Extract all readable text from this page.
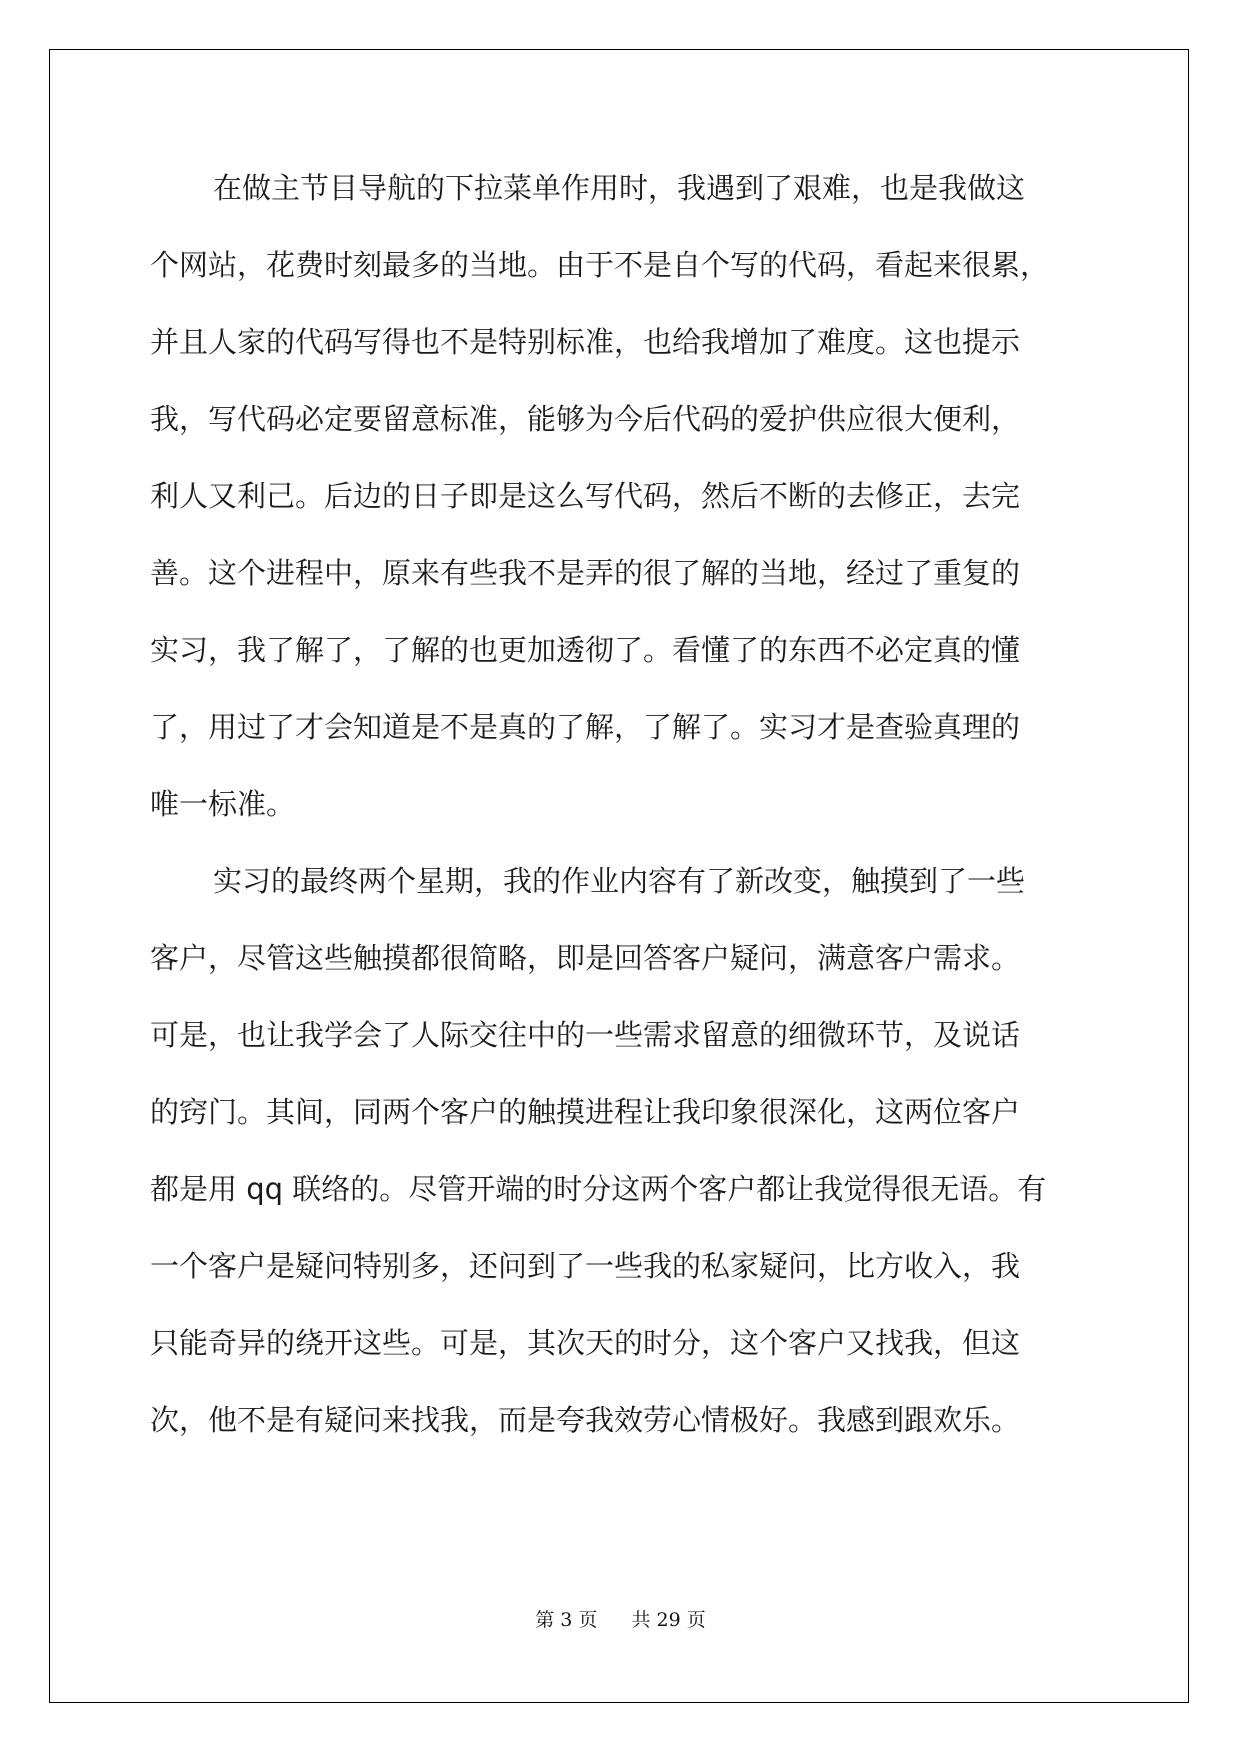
在做主节目导航的下拉菜单作用时，我遇到了艰难，也是我做这
个网站，花费时刻最多的当地。由于不是自个写的代码，看起来很累，
并且人家的代码写得也不是特别标准，也给我增加了难度。这也提示
我，写代码必定要留意标准，能够为今后代码的爱护供应很大便利，
利人又利己。后边的日子即是这么写代码，然后不断的去修正，去完
善。这个进程中，原来有些我不是弄的很了解的当地，经过了重复的
实习，我了解了，了解的也更加透彻了。看懂了的东西不必定真的懂
了，用过了才会知道是不是真的了解，了解了。实习才是查验真理的
唯一标准。
实习的最终两个星期，我的作业内容有了新改变，触摸到了一些
客户，尽管这些触摸都很简略，即是回答客户疑问，满意客户需求。
可是，也让我学会了人际交往中的一些需求留意的细微环节，及说话
的窍门。其间，同两个客户的触摸进程让我印象很深化，这两位客户
都是用 qq 联络的。尽管开端的时分这两个客户都让我觉得很无语。有
一个客户是疑问特别多，还问到了一些我的私家疑问，比方收入，我
只能奇异的绕开这些。可是，其次天的时分，这个客户又找我，但这
次，他不是有疑问来找我，而是夸我效劳心情极好。我感到跟欢乐。
第 3 页 共 29 页
